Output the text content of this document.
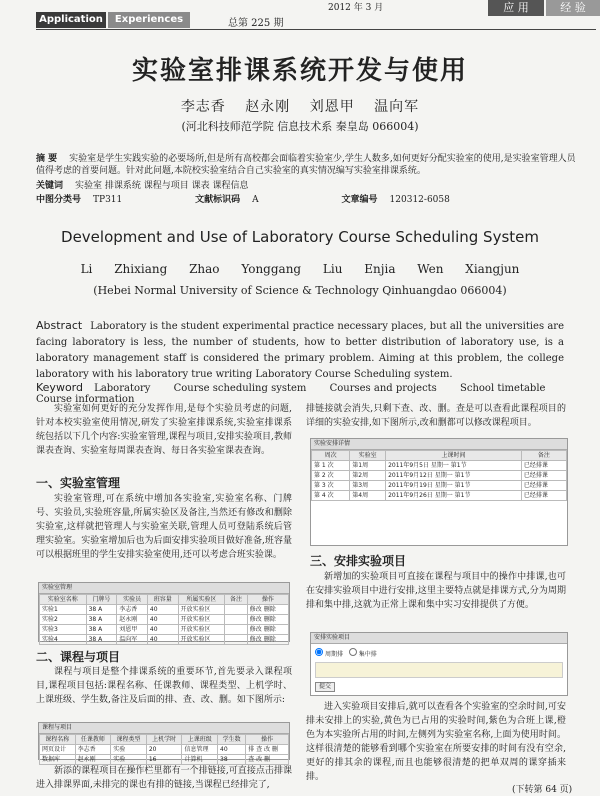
Application	Experiences	总第 225 期
2012 年 3 月	应 用	经 验
实验室排课系统开发与使用
李志香 赵永刚 刘恩甲 温向军
(河北科技师范学院 信息技术系 秦皇岛 066004)
摘 要 实验室是学生实践实验的必要场所,但是所有高校都会面临着实验室少,学生人数多,如何更好分配实验室的使用,是实验室管理人员值得考虑的首要问题。针对此问题,本院校实验室结合自己实验室的真实情况编写实验室排课系统。
关键词 实验室 排课系统 课程与项目 课表 课程信息
中图分类号 TP311	文献标识码 A	文章编号 120312-6058
Development and Use of Laboratory Course Scheduling System
Li Zhixiang Zhao Yonggang Liu Enjia Wen Xiangjun
(Hebei Normal University of Science & Technology Qinhuangdao 066004)
Abstract Laboratory is the student experimental practice necessary places, but all the universities are facing laboratory is less, the number of students, how to better distribution of laboratory use, is a laboratory management staff is considered the primary problem. Aiming at this problem, the college laboratory with his laboratory true writing Laboratory Course Scheduling system.
Keyword Laboratory Course scheduling system Courses and projects School timetable Course information

实验室如何更好的充分发挥作用,是每个实验员考虑的问题,针对本校实验室使用情况,研发了实验室排课系统,实验室排课系统包括以下几个内容:实验室管理,课程与项目,安排实验项目,教师课表查询、实验室每周课表查询、每日各实验室课表查询。

一、实验室管理

实验室管理,可在系统中增加各实验室,实验室名称、门牌号、实验员,实验班容量,所属实验区及备注,当然还有修改和删除实验室,这样就把管理人与实验室关联,管理人员可登陆系统后管理实验室。实验室增加后也为后面安排实验项目做好准备,班容量可以根据班里的学生安排实验室使用,还可以考虑合班实验课。

实验室管理
实验室名称	门牌号	实验员	班容量	所属实验区	备注	操作
实验1	38 A	李志香	40	开放实验区		修改 删除
实验2	38 A	赵永刚	40	开放实验区		修改 删除
实验3	38 A	刘恩甲	40	开放实验区		修改 删除
实验4	38 A	温向军	40	开放实验区		修改 删除
二、课程与项目

课程与项目是整个排课系统的重要环节,首先要录入课程项目,课程项目包括:课程名称、任课教师、课程类型、上机学时、上课班级、学生数,备注及后面的排、查、改、删。如下图所示:

课程与项目
课程名称	任课教师	课程类型	上机学时	上课班级	学生数	操作
网页设计	李志香	实验	20	信息管理	40	排 查 改 删
数据库	赵永刚	实验	16	计算机	38	查 改 删

新添的课程项目在操作栏里都有一个排链接,可直接点击排课进入排课界面,未排完的课也有排的链接,当课程已经排完了,

排链接就会消失,只剩下查、改、删。查是可以查看此课程项目的详细的实验安排,如下图所示,改和删都可以修改课程项目。

实验安排详情
周次	实验室	上课时间	备注
第 1 次	第1周	2011年9月5日 星期一 第1节	已经排课
第 2 次	第2周	2011年9月12日 星期一 第1节	已经排课
第 3 次	第3周	2011年9月19日 星期一 第1节	已经排课
第 4 次	第4周	2011年9月26日 星期一 第1节	已经排课
三、安排实验项目

新增加的实验项目可直接在课程与项目中的操作中排课,也可在安排实验项目中进行安排,这里主要特点就是排课方式,分为周期排和集中排,这就为正常上课和集中实习安排提供了方便。

安排实验项目
周期排	集中排
提交

进入实验项目安排后,就可以查看各个实验室的空余时间,可安排未安排上的实验,黄色为已占用的实验时间,紫色为合班上课,橙色为本实验所占用的时间,左侧列为实验室名称,上面为使用时间。这样很清楚的能够看到哪个实验室在所要安排的时间有没有空余,更好的排其余的课程,而且也能够很清楚的把单双周的课穿插来排。

(下转第 64 页)
